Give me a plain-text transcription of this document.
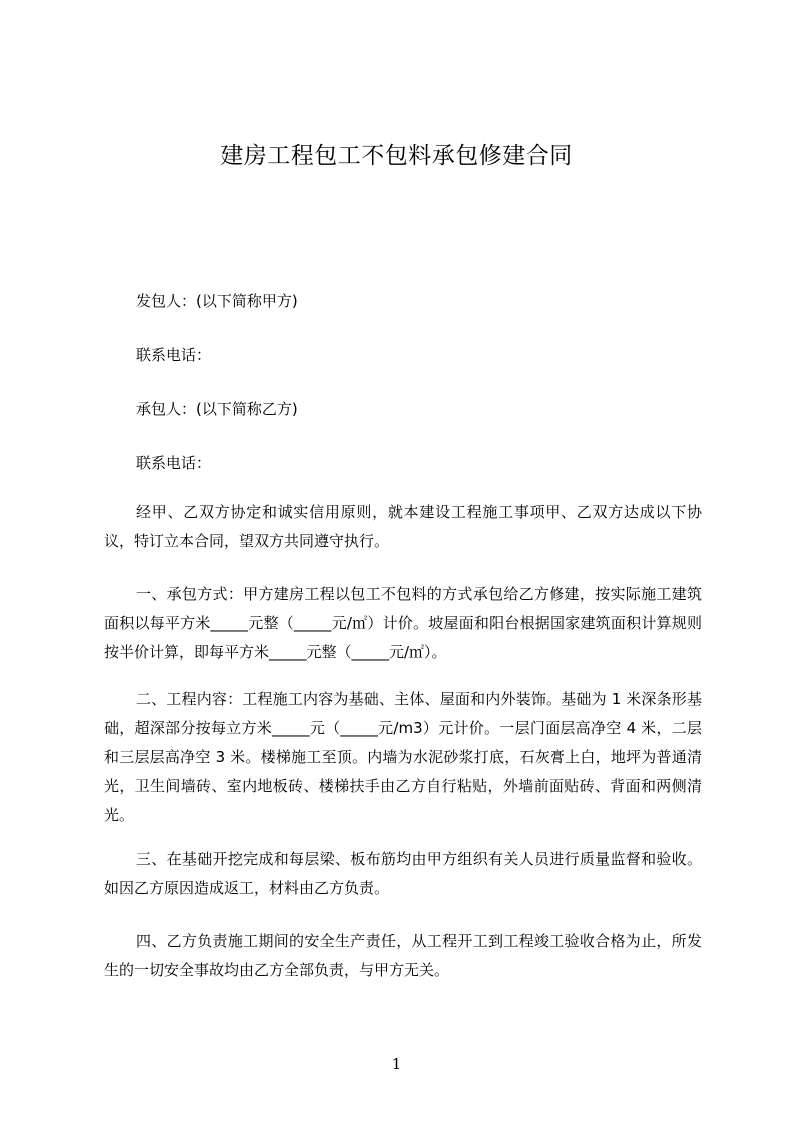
建房工程包工不包料承包修建合同
发包人：(以下简称甲方)
联系电话：
承包人：(以下简称乙方)
联系电话：
经甲、乙双方协定和诚实信用原则，就本建设工程施工事项甲、乙双方达成以下协议，特订立本合同，望双方共同遵守执行。
一、承包方式：甲方建房工程以包工不包料的方式承包给乙方修建，按实际施工建筑面积以每平方米_____元整（_____元/㎡）计价。坡屋面和阳台根据国家建筑面积计算规则按半价计算，即每平方米_____元整（_____元/㎡）。
二、工程内容：工程施工内容为基础、主体、屋面和内外装饰。基础为 1 米深条形基础，超深部分按每立方米_____元（_____元/m3）元计价。一层门面层高净空 4 米，二层和三层层高净空 3 米。楼梯施工至顶。内墙为水泥砂浆打底，石灰膏上白，地坪为普通清光，卫生间墙砖、室内地板砖、楼梯扶手由乙方自行粘贴，外墙前面贴砖、背面和两侧清光。
三、在基础开挖完成和每层梁、板布筋均由甲方组织有关人员进行质量监督和验收。如因乙方原因造成返工，材料由乙方负责。
四、乙方负责施工期间的安全生产责任，从工程开工到工程竣工验收合格为止，所发生的一切安全事故均由乙方全部负责，与甲方无关。
1
